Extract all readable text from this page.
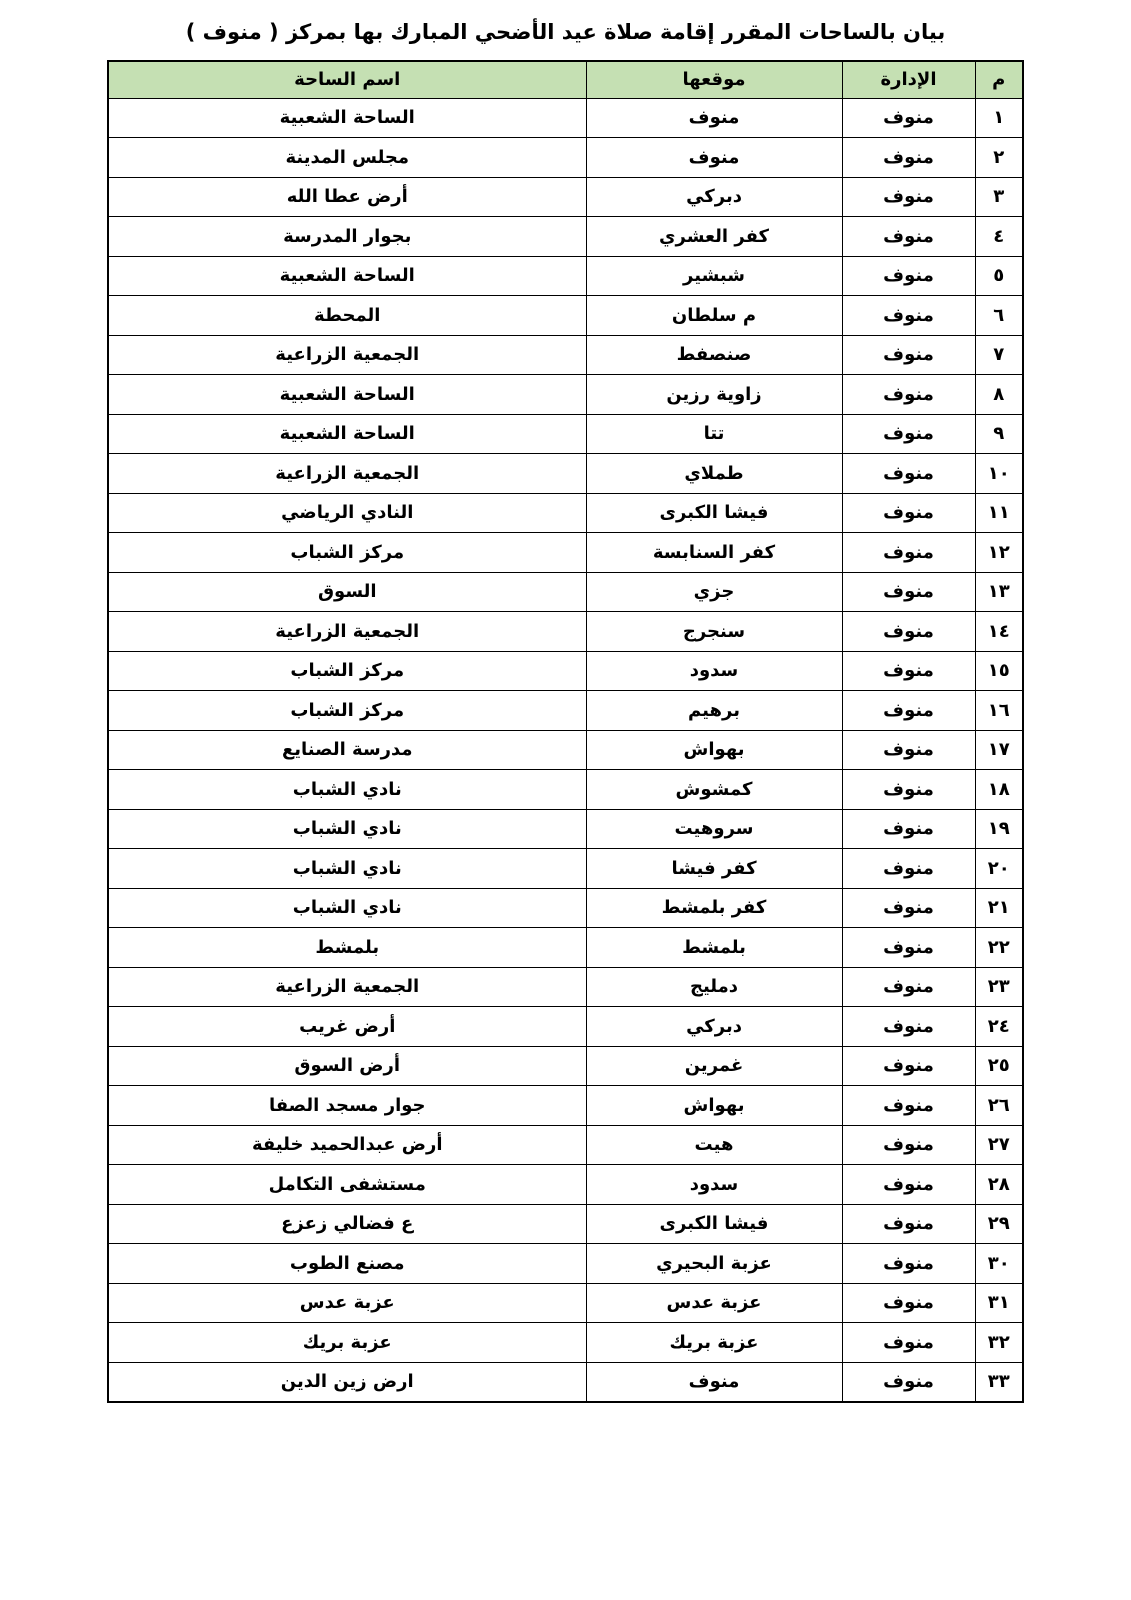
بيان بالساحات المقرر إقامة صلاة عيد الأضحي المبارك بها بمركز ( منوف )
م	الإدارة	موقعها	اسم الساحة
١	منوف	منوف	الساحة الشعبية
٢	منوف	منوف	مجلس المدينة
٣	منوف	دبركي	أرض عطا الله
٤	منوف	كفر العشري	بجوار المدرسة
٥	منوف	شبشير	الساحة الشعبية
٦	منوف	م سلطان	المحطة
٧	منوف	صنصفط	الجمعية الزراعية
٨	منوف	زاوية رزين	الساحة الشعبية
٩	منوف	تتا	الساحة الشعبية
١٠	منوف	طملاي	الجمعية الزراعية
١١	منوف	فيشا الكبرى	النادي الرياضي
١٢	منوف	كفر السنابسة	مركز الشباب
١٣	منوف	جزي	السوق
١٤	منوف	سنجرج	الجمعية الزراعية
١٥	منوف	سدود	مركز الشباب
١٦	منوف	برهيم	مركز الشباب
١٧	منوف	بهواش	مدرسة الصنايع
١٨	منوف	كمشوش	نادي الشباب
١٩	منوف	سروهيت	نادي الشباب
٢٠	منوف	كفر فيشا	نادي الشباب
٢١	منوف	كفر بلمشط	نادي الشباب
٢٢	منوف	بلمشط	بلمشط
٢٣	منوف	دمليج	الجمعية الزراعية
٢٤	منوف	دبركي	أرض غريب
٢٥	منوف	غمرين	أرض السوق
٢٦	منوف	بهواش	جوار مسجد الصفا
٢٧	منوف	هيت	أرض عبدالحميد خليفة
٢٨	منوف	سدود	مستشفى التكامل
٢٩	منوف	فيشا الكبرى	ع فضالي زعزع
٣٠	منوف	عزبة البحيري	مصنع الطوب
٣١	منوف	عزبة عدس	عزبة عدس
٣٢	منوف	عزبة بريك	عزبة بريك
٣٣	منوف	منوف	ارض زين الدين
